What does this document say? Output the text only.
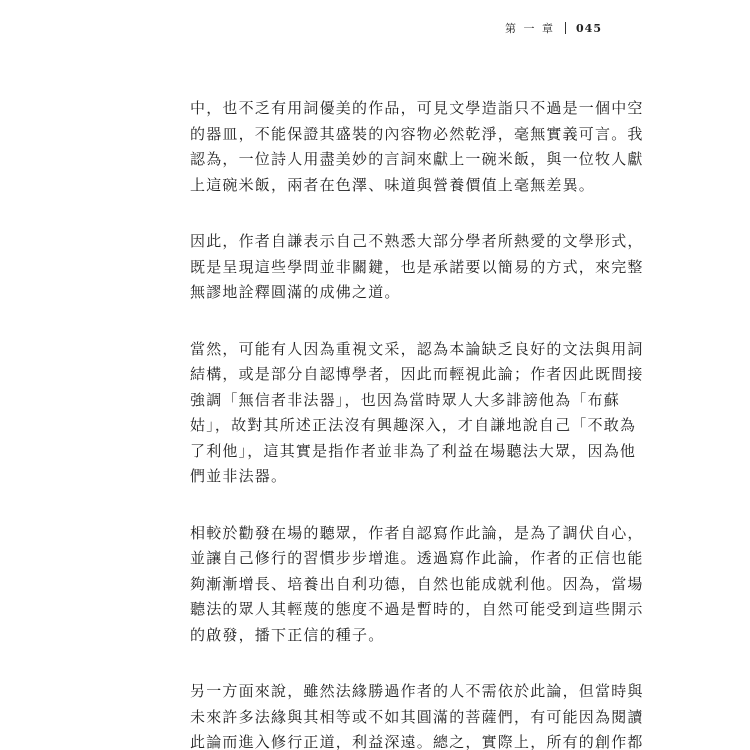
第 一 章 045

中，也不乏有用詞優美的作品，可見文學造詣只不過是一個中空
的器皿，不能保證其盛裝的內容物必然乾淨，毫無實義可言。我
認為，一位詩人用盡美妙的言詞來獻上一碗米飯，與一位牧人獻
上這碗米飯，兩者在色澤、味道與營養價值上毫無差異。

因此，作者自謙表示自己不熟悉大部分學者所熱愛的文學形式，
既是呈現這些學問並非關鍵，也是承諾要以簡易的方式，來完整
無謬地詮釋圓滿的成佛之道。

當然，可能有人因為重視文采，認為本論缺乏良好的文法與用詞
結構，或是部分自認博學者，因此而輕視此論；作者因此既間接
強調「無信者非法器」，也因為當時眾人大多誹謗他為「布蘇
姑」，故對其所述正法沒有興趣深入，才自謙地說自己「不敢為
了利他」，這其實是指作者並非為了利益在場聽法大眾，因為他
們並非法器。

相較於勸發在場的聽眾，作者自認寫作此論，是為了調伏自心，
並讓自己修行的習慣步步增進。透過寫作此論，作者的正信也能
夠漸漸增長、培養出自利功德，自然也能成就利他。因為，當場
聽法的眾人其輕蔑的態度不過是暫時的，自然可能受到這些開示
的啟發，播下正信的種子。

另一方面來說，雖然法緣勝過作者的人不需依於此論，但當時與
未來許多法緣與其相等或不如其圓滿的菩薩們，有可能因為閱讀
此論而進入修行正道，利益深遠。總之，實際上，所有的創作都
